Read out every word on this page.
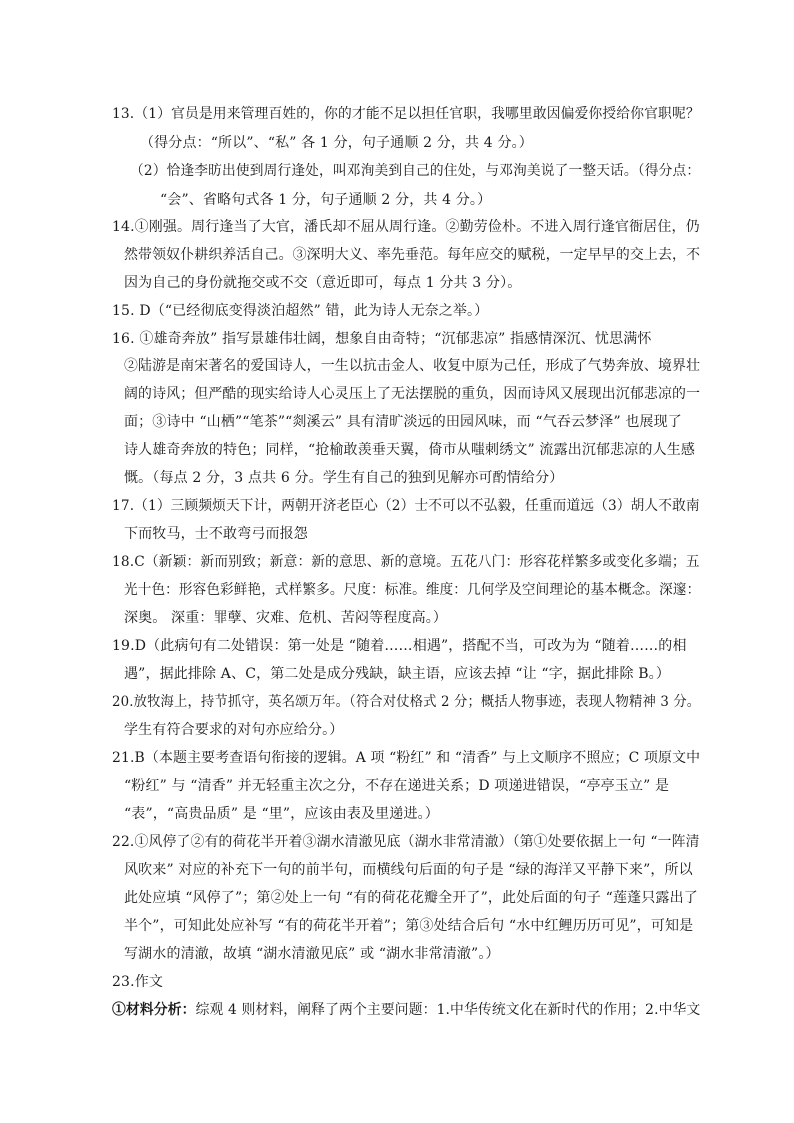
13.（1）官员是用来管理百姓的，你的才能不足以担任官职，我哪里敢因偏爱你授给你官职呢？
（得分点：“所以”、“私” 各 1 分，句子通顺 2 分，共 4 分。）
（2）恰逢李昉出使到周行逢处，叫邓洵美到自己的住处，与邓洵美说了一整天话。（得分点：
“会”、省略句式各 1 分，句子通顺 2 分，共 4 分。）
14.①刚强。周行逢当了大官，潘氏却不屈从周行逢。②勤劳俭朴。不进入周行逢官衙居住，仍
然带领奴仆耕织养活自己。③深明大义、率先垂范。每年应交的赋税，一定早早的交上去，不
因为自己的身份就拖交或不交（意近即可，每点 1 分共 3 分）。
15. D（“已经彻底变得淡泊超然” 错，此为诗人无奈之举。）
16. ①雄奇奔放” 指写景雄伟壮阔，想象自由奇特；“沉郁悲凉” 指感情深沉、忧思满怀
②陆游是南宋著名的爱国诗人，一生以抗击金人、收复中原为己任，形成了气势奔放、境界壮
阔的诗风；但严酷的现实给诗人心灵压上了无法摆脱的重负，因而诗风又展现出沉郁悲凉的一
面；③诗中 “山栖”“笔茶”“剡溪云” 具有清旷淡远的田园风味，而 “气吞云梦泽” 也展现了
诗人雄奇奔放的特色；同样，“抢榆敢羡垂天翼，倚市从嗤刺绣文” 流露出沉郁悲凉的人生感
慨。（每点 2 分，3 点共 6 分。学生有自己的独到见解亦可酌情给分）
17.（1）三顾频烦天下计，两朝开济老臣心（2）士不可以不弘毅，任重而道远（3）胡人不敢南
下而牧马，士不敢弯弓而报怨
18.C（新颖：新而别致；新意：新的意思、新的意境。五花八门：形容花样繁多或变化多端；五
光十色：形容色彩鲜艳，式样繁多。尺度：标准。维度：几何学及空间理论的基本概念。深邃：
深奥。 深重：罪孽、灾难、危机、苦闷等程度高。）
19.D（此病句有二处错误：第一处是 “随着……相遇”，搭配不当，可改为为 “随着……的相
遇”，据此排除 A、C，第二处是成分残缺，缺主语，应该去掉 “让 “字，据此排除 B。）
20.放牧海上，持节抓守，英名颂万年。（符合对仗格式 2 分；概括人物事迹，表现人物精神 3 分。
学生有符合要求的对句亦应给分。）
21.B（本题主要考查语句衔接的逻辑。A 项 “粉红” 和 “清香” 与上文顺序不照应；C 项原文中
“粉红” 与 “清香” 并无轻重主次之分，不存在递进关系；D 项递进错误，“亭亭玉立” 是
“表”，“高贵品质” 是 “里”，应该由表及里递进。）
22.①风停了②有的荷花半开着③湖水清澈见底（湖水非常清澈）（第①处要依据上一句 “一阵清
风吹来” 对应的补充下一句的前半句，而横线句后面的句子是 “绿的海洋又平静下来”，所以
此处应填 “风停了”；第②处上一句 “有的荷花花瓣全开了”，此处后面的句子 “莲蓬只露出了
半个”，可知此处应补写 “有的荷花半开着”；第③处结合后句 “水中红鲤历历可见”，可知是
写湖水的清澈，故填 “湖水清澈见底” 或 “湖水非常清澈”。）
23.作文
①材料分析：综观 4 则材料，阐释了两个主要问题：1.中华传统文化在新时代的作用；2.中华文
